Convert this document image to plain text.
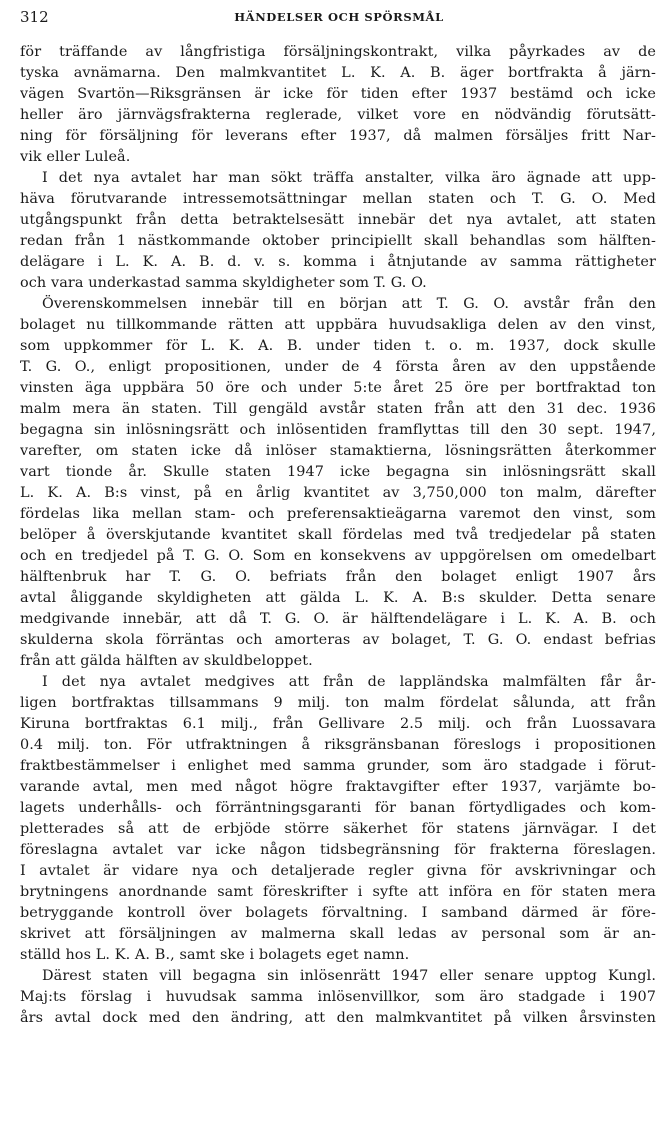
312	HÄNDELSER OCH SPÖRSMÅL
för träffande av långfristiga försäljningskontrakt, vilka påyrkades av de
tyska avnämarna. Den malmkvantitet L. K. A. B. äger bortfrakta å järn-
vägen Svartön—Riksgränsen är icke för tiden efter 1937 bestämd och icke
heller äro järnvägsfrakterna reglerade, vilket vore en nödvändig förutsätt-
ning för försäljning för leverans efter 1937, då malmen försäljes fritt Nar-
vik eller Luleå.
I det nya avtalet har man sökt träffa anstalter, vilka äro ägnade att upp-
häva förutvarande intressemotsättningar mellan staten och T. G. O. Med
utgångspunkt från detta betraktelsesätt innebär det nya avtalet, att staten
redan från 1 nästkommande oktober principiellt skall behandlas som hälften-
delägare i L. K. A. B. d. v. s. komma i åtnjutande av samma rättigheter
och vara underkastad samma skyldigheter som T. G. O.
Överenskommelsen innebär till en början att T. G. O. avstår från den
bolaget nu tillkommande rätten att uppbära huvudsakliga delen av den vinst,
som uppkommer för L. K. A. B. under tiden t. o. m. 1937, dock skulle
T. G. O., enligt propositionen, under de 4 första åren av den uppstående
vinsten äga uppbära 50 öre och under 5:te året 25 öre per bortfraktad ton
malm mera än staten. Till gengäld avstår staten från att den 31 dec. 1936
begagna sin inlösningsrätt och inlösentiden framflyttas till den 30 sept. 1947,
varefter, om staten icke då inlöser stamaktierna, lösningsrätten återkommer
vart tionde år. Skulle staten 1947 icke begagna sin inlösningsrätt skall
L. K. A. B:s vinst, på en årlig kvantitet av 3,750,000 ton malm, därefter
fördelas lika mellan stam- och preferensaktieägarna varemot den vinst, som
belöper å överskjutande kvantitet skall fördelas med två tredjedelar på staten
och en tredjedel på T. G. O. Som en konsekvens av uppgörelsen om omedelbart
hälftenbruk har T. G. O. befriats från den bolaget enligt 1907 års
avtal åliggande skyldigheten att gälda L. K. A. B:s skulder. Detta senare
medgivande innebär, att då T. G. O. är hälftendelägare i L. K. A. B. och
skulderna skola förräntas och amorteras av bolaget, T. G. O. endast befrias
från att gälda hälften av skuldbeloppet.
I det nya avtalet medgives att från de lappländska malmfälten får år-
ligen bortfraktas tillsammans 9 milj. ton malm fördelat sålunda, att från
Kiruna bortfraktas 6.1 milj., från Gellivare 2.5 milj. och från Luossavara
0.4 milj. ton. För utfraktningen å riksgränsbanan föreslogs i propositionen
fraktbestämmelser i enlighet med samma grunder, som äro stadgade i förut-
varande avtal, men med något högre fraktavgifter efter 1937, varjämte bo-
lagets underhålls- och förräntningsgaranti för banan förtydligades och kom-
pletterades så att de erbjöde större säkerhet för statens järnvägar. I det
föreslagna avtalet var icke någon tidsbegränsning för frakterna föreslagen.
I avtalet är vidare nya och detaljerade regler givna för avskrivningar och
brytningens anordnande samt föreskrifter i syfte att införa en för staten mera
betryggande kontroll över bolagets förvaltning. I samband därmed är före-
skrivet att försäljningen av malmerna skall ledas av personal som är an-
ställd hos L. K. A. B., samt ske i bolagets eget namn.
Därest staten vill begagna sin inlösenrätt 1947 eller senare upptog Kungl.
Maj:ts förslag i huvudsak samma inlösenvillkor, som äro stadgade i 1907
års avtal dock med den ändring, att den malmkvantitet på vilken årsvinsten
